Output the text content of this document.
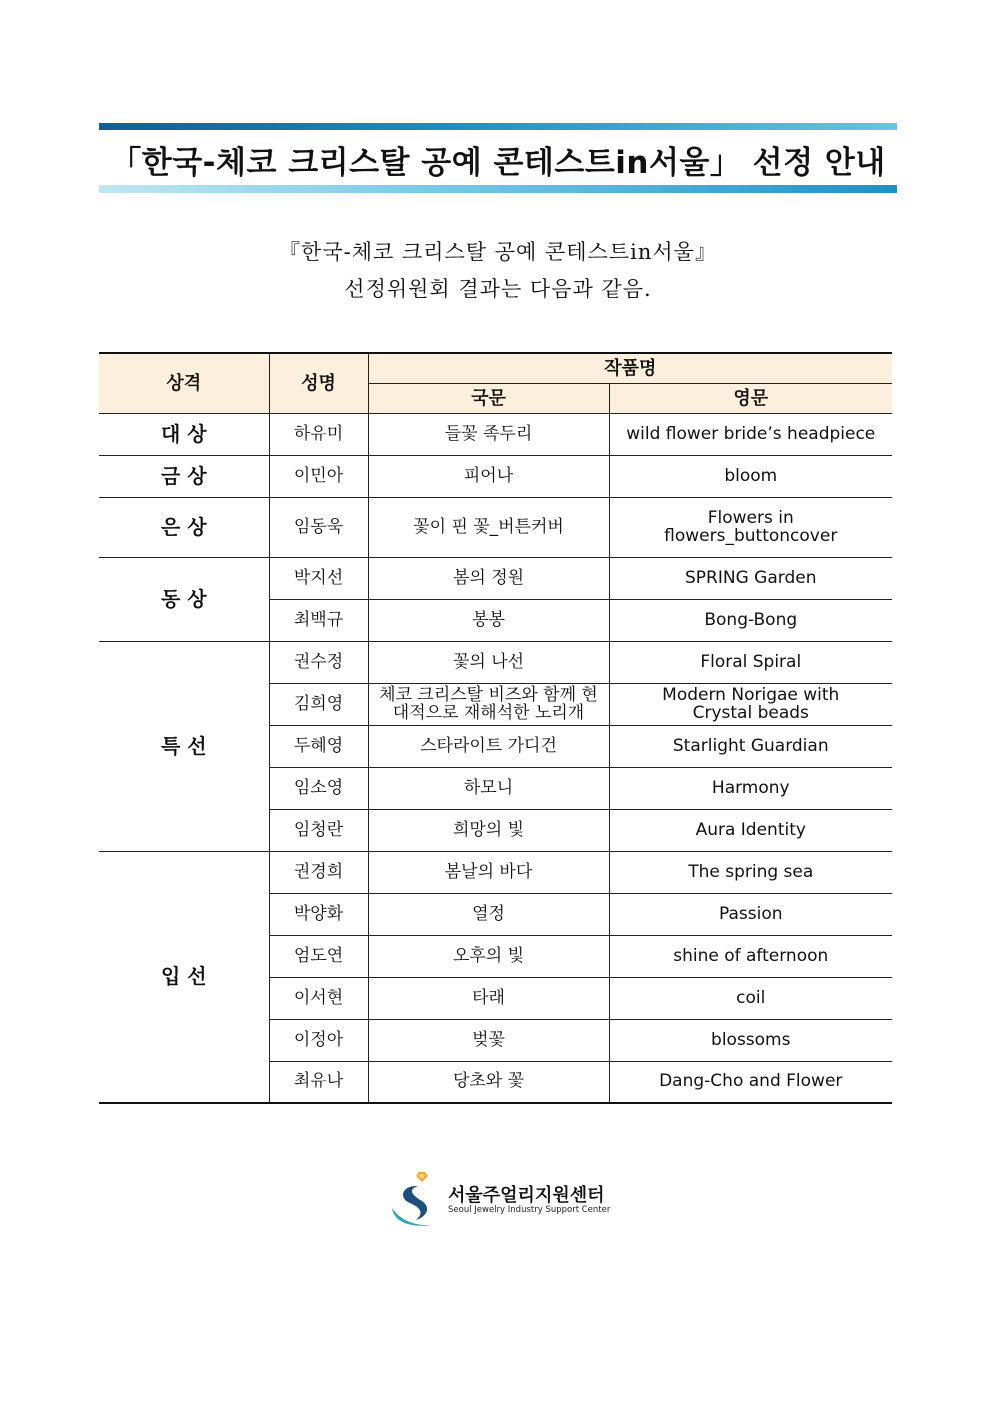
「한국-체코 크리스탈 공예 콘테스트in서울」 선정 안내
『한국-체코 크리스탈 공예 콘테스트in서울』
선정위원회 결과는 다음과 같음.
상격	성명	작품명	
		국문	영문
대 상	하유미	들꽃 족두리	wild flower bride’s headpiece
금 상	이민아	피어나	bloom
은 상	임동욱	꽃이 핀 꽃_버튼커버	Flowers in flowers_buttoncover
동 상	박지선	봄의 정원	SPRING Garden
	최백규	봉봉	Bong-Bong
특 선	권수정	꽃의 나선	Floral Spiral
	김희영	체코 크리스탈 비즈와 함께 현대적으로 재해석한 노리개	Modern Norigae with Crystal beads
	두혜영	스타라이트 가디건	Starlight Guardian
	임소영	하모니	Harmony
	임청란	희망의 빛	Aura Identity
입 선	권경희	봄날의 바다	The spring sea
	박양화	열정	Passion
	엄도연	오후의 빛	shine of afternoon
	이서현	타래	coil
	이정아	벚꽃	blossoms
	최유나	당초와 꽃	Dang-Cho and Flower
서울주얼리지원센터
Seoul Jewelry Industry Support Center
